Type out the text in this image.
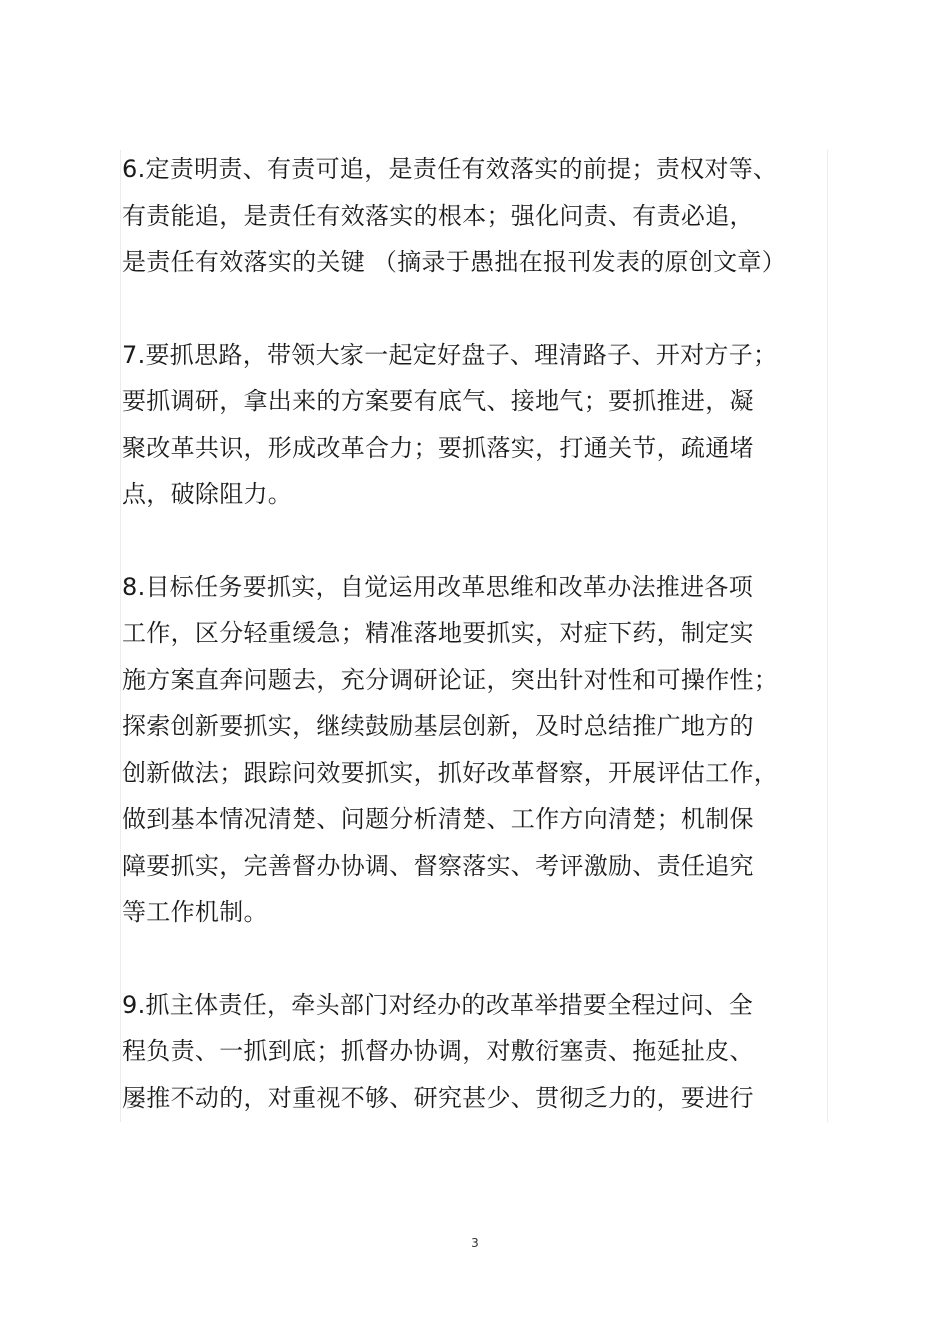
6.定责明责、有责可追，是责任有效落实的前提；责权对等、
有责能追，是责任有效落实的根本；强化问责、有责必追，
是责任有效落实的关键 （摘录于愚拙在报刊发表的原创文章）

7.要抓思路，带领大家一起定好盘子、理清路子、开对方子；
要抓调研，拿出来的方案要有底气、接地气；要抓推进，凝
聚改革共识，形成改革合力；要抓落实，打通关节，疏通堵
点，破除阻力。

8.目标任务要抓实，自觉运用改革思维和改革办法推进各项
工作，区分轻重缓急；精准落地要抓实，对症下药，制定实
施方案直奔问题去，充分调研论证，突出针对性和可操作性；
探索创新要抓实，继续鼓励基层创新，及时总结推广地方的
创新做法；跟踪问效要抓实，抓好改革督察，开展评估工作，
做到基本情况清楚、问题分析清楚、工作方向清楚；机制保
障要抓实，完善督办协调、督察落实、考评激励、责任追究
等工作机制。

9.抓主体责任，牵头部门对经办的改革举措要全程过问、全
程负责、一抓到底；抓督办协调，对敷衍塞责、拖延扯皮、
屡推不动的，对重视不够、研究甚少、贯彻乏力的，要进行

3
